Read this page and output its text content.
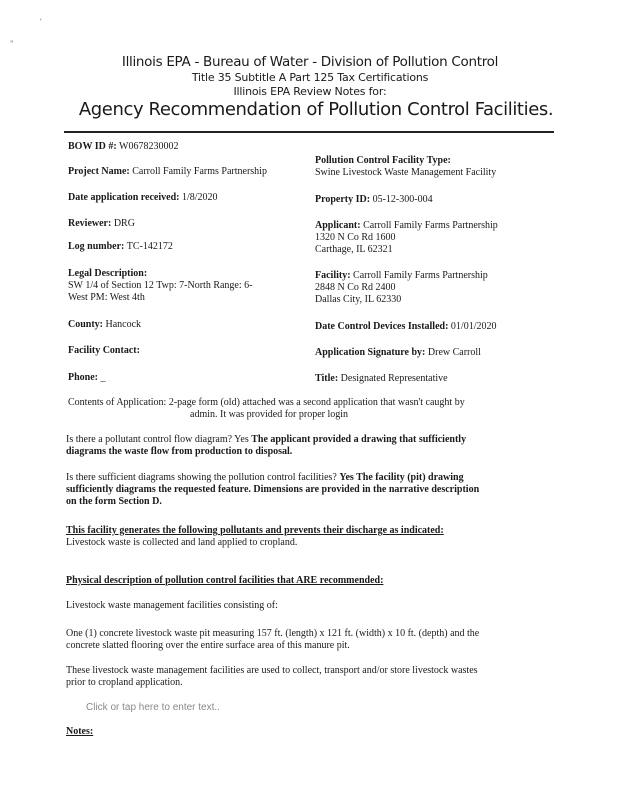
'
"
Illinois EPA - Bureau of Water - Division of Pollution Control
Title 35 Subtitle A Part 125 Tax Certifications
Illinois EPA Review Notes for:
Agency Recommendation of Pollution Control Facilities.
BOW ID #: W0678230002
Project Name: Carroll Family Farms Partnership
Date application received: 1/8/2020
Reviewer: DRG
Log number: TC-142172
Legal Description:
SW 1/4 of Section 12 Twp: 7-North Range: 6-
West PM: West 4th
County: Hancock
Facility Contact:
Phone: _
Pollution Control Facility Type:
Swine Livestock Waste Management Facility
Property ID: 05-12-300-004
Applicant: Carroll Family Farms Partnership
1320 N Co Rd 1600
Carthage, IL 62321
Facility: Carroll Family Farms Partnership
2848 N Co Rd 2400
Dallas City, IL 62330
Date Control Devices Installed: 01/01/2020
Application Signature by: Drew Carroll
Title: Designated Representative
Contents of Application: 2-page form (old) attached was a second application that wasn't caught by
admin. It was provided for proper login
Is there a pollutant control flow diagram? Yes The applicant provided a drawing that sufficiently
diagrams the waste flow from production to disposal.
Is there sufficient diagrams showing the pollution control facilities? Yes The facility (pit) drawing
sufficiently diagrams the requested feature. Dimensions are provided in the narrative description
on the form Section D.
This facility generates the following pollutants and prevents their discharge as indicated:
Livestock waste is collected and land applied to cropland.
Physical description of pollution control facilities that ARE recommended:
Livestock waste management facilities consisting of:
One (1) concrete livestock waste pit measuring 157 ft. (length) x 121 ft. (width) x 10 ft. (depth) and the
concrete slatted flooring over the entire surface area of this manure pit.
These livestock waste management facilities are used to collect, transport and/or store livestock wastes
prior to cropland application.
Click or tap here to enter text..
Notes:
